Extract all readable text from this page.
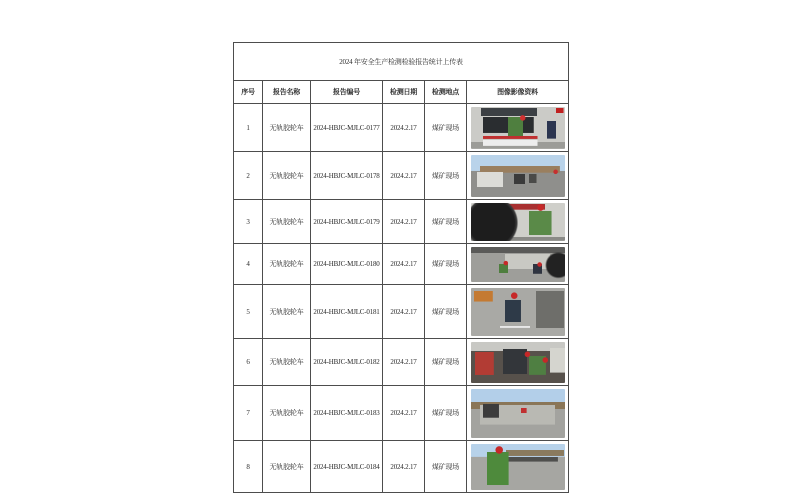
2024 年安全生产检测检验报告统计上传表					
序号	报告名称	报告编号	检测日期	检测地点	图像影像资料
1	无轨胶轮车	2024-HBJC-MJLC-0177	2024.2.17	煤矿现场	

2	无轨胶轮车	2024-HBJC-MJLC-0178	2024.2.17	煤矿现场	

3	无轨胶轮车	2024-HBJC-MJLC-0179	2024.2.17	煤矿现场	

4	无轨胶轮车	2024-HBJC-MJLC-0180	2024.2.17	煤矿现场	

5	无轨胶轮车	2024-HBJC-MJLC-0181	2024.2.17	煤矿现场	

6	无轨胶轮车	2024-HBJC-MJLC-0182	2024.2.17	煤矿现场	

7	无轨胶轮车	2024-HBJC-MJLC-0183	2024.2.17	煤矿现场	

8	无轨胶轮车	2024-HBJC-MJLC-0184	2024.2.17	煤矿现场	
